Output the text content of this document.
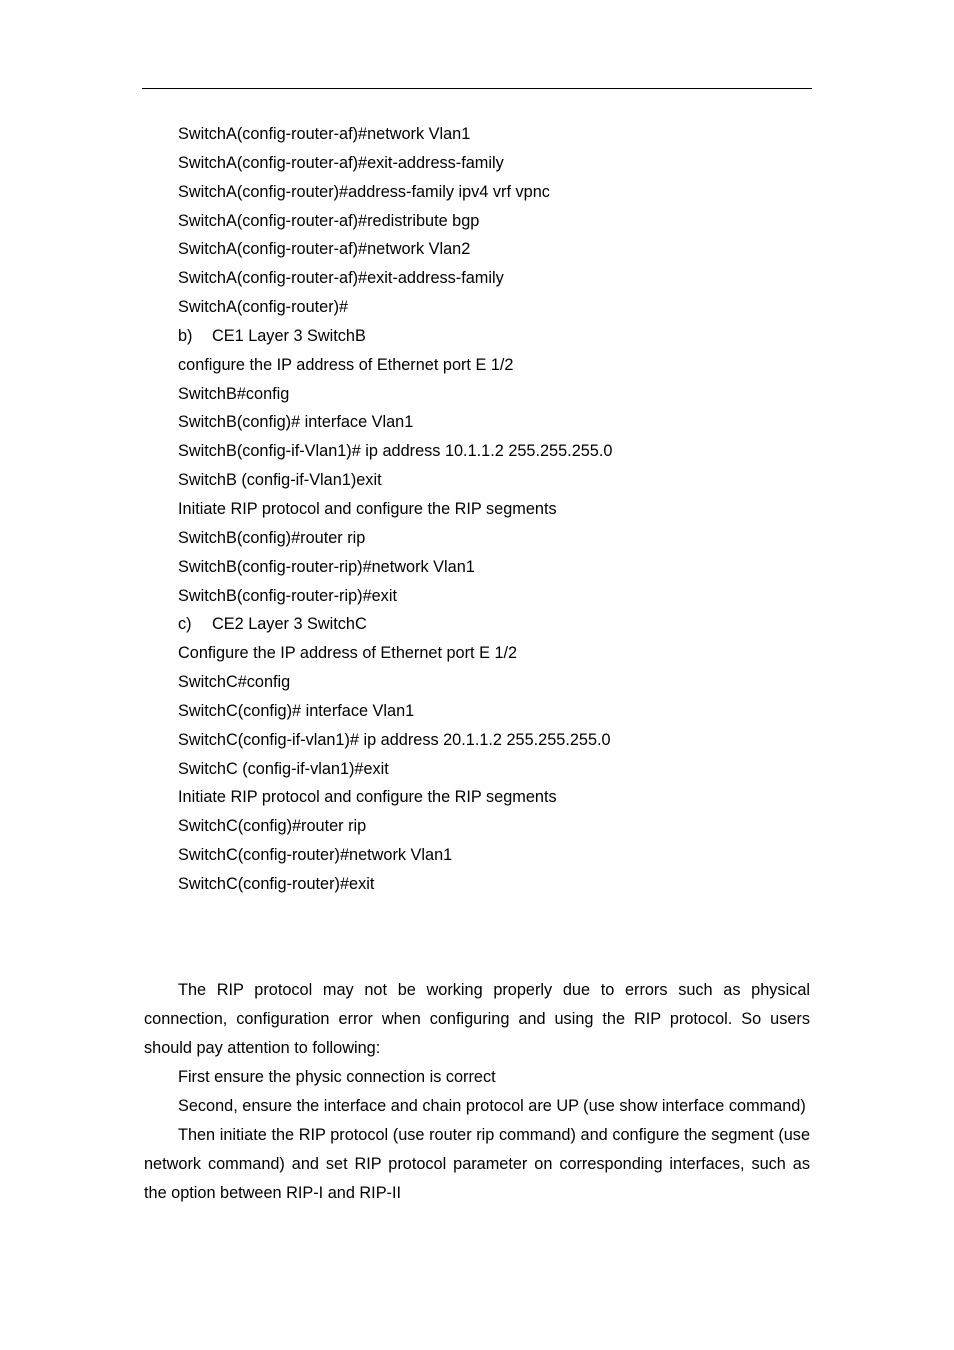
SwitchA(config-router-af)#network Vlan1
SwitchA(config-router-af)#exit-address-family
SwitchA(config-router)#address-family ipv4 vrf vpnc
SwitchA(config-router-af)#redistribute bgp
SwitchA(config-router-af)#network Vlan2
SwitchA(config-router-af)#exit-address-family
SwitchA(config-router)#
b) CE1 Layer 3 SwitchB
configure the IP address of Ethernet port E 1/2
SwitchB#config
SwitchB(config)# interface Vlan1
SwitchB(config-if-Vlan1)# ip address 10.1.1.2 255.255.255.0
SwitchB (config-if-Vlan1)exit
Initiate RIP protocol and configure the RIP segments
SwitchB(config)#router rip
SwitchB(config-router-rip)#network Vlan1
SwitchB(config-router-rip)#exit
c) CE2 Layer 3 SwitchC
Configure the IP address of Ethernet port E 1/2
SwitchC#config
SwitchC(config)# interface Vlan1
SwitchC(config-if-vlan1)# ip address 20.1.1.2 255.255.255.0
SwitchC (config-if-vlan1)#exit
Initiate RIP protocol and configure the RIP segments
SwitchC(config)#router rip
SwitchC(config-router)#network Vlan1
SwitchC(config-router)#exit

The RIP protocol may not be working properly due to errors such as physical connection, configuration error when configuring and using the RIP protocol. So users should pay attention to following:

First ensure the physic connection is correct

Second, ensure the interface and chain protocol are UP (use show interface command)

Then initiate the RIP protocol (use router rip command) and configure the segment (use network command) and set RIP protocol parameter on corresponding interfaces, such as the option between RIP-I and RIP-II
